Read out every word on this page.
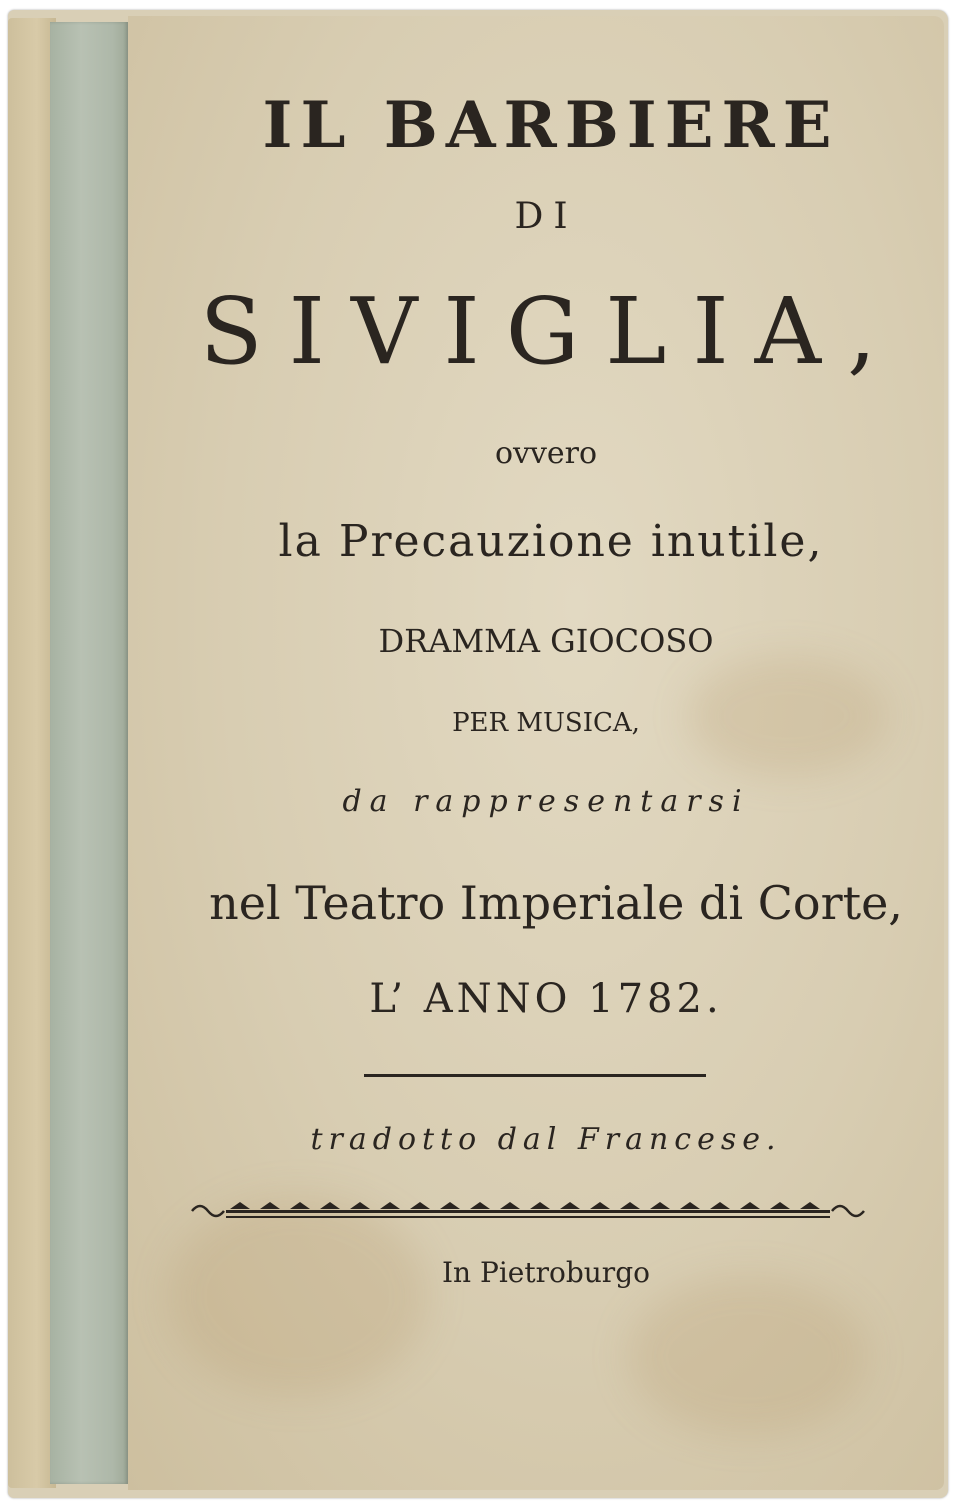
IL BARBIERE
DI
SIVIGLIA,
ovvero
la Precauzione inutile,
DRAMMA GIOCOSO
PER MUSICA,
da rappresentarsi
nel Teatro Imperiale di Corte,
L’ ANNO 1782.
tradotto dal Francese.
In Pietroburgo
